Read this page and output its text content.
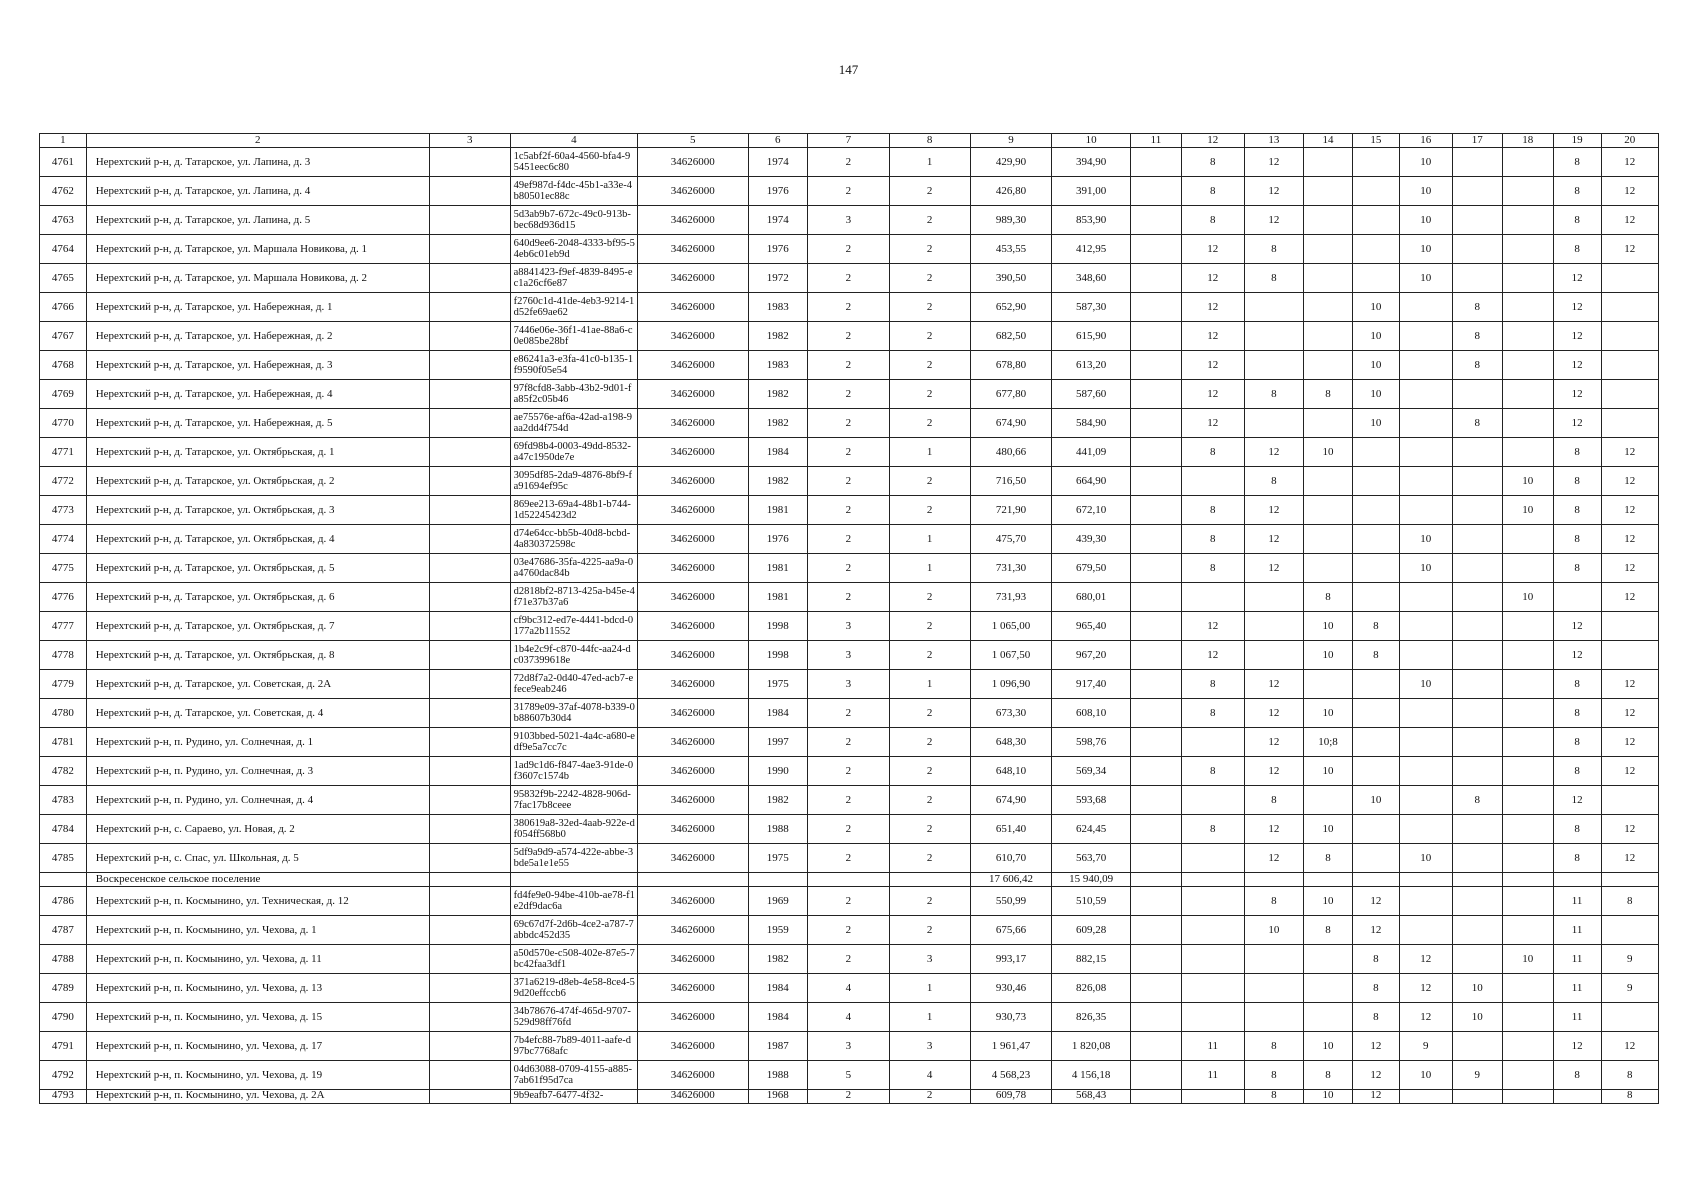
147
1	2	3	4	5	6	7	8	9	10	11	12	13	14	15	16	17	18	19	20
4761	Нерехтский р-н, д. Татарское, ул. Лапина, д. 3		1c5abf2f-60a4-4560-bfa4-95451eec6c80	34626000	1974	2	1	429,90	394,90		8	12			10			8	12
4762	Нерехтский р-н, д. Татарское, ул. Лапина, д. 4		49ef987d-f4dc-45b1-a33e-4b80501ec88c	34626000	1976	2	2	426,80	391,00		8	12			10			8	12
4763	Нерехтский р-н, д. Татарское, ул. Лапина, д. 5		5d3ab9b7-672c-49c0-913b-bec68d936d15	34626000	1974	3	2	989,30	853,90		8	12			10			8	12
4764	Нерехтский р-н, д. Татарское, ул. Маршала Новикова, д. 1		640d9ee6-2048-4333-bf95-54eb6c01eb9d	34626000	1976	2	2	453,55	412,95		12	8			10			8	12
4765	Нерехтский р-н, д. Татарское, ул. Маршала Новикова, д. 2		a8841423-f9ef-4839-8495-ec1a26cf6e87	34626000	1972	2	2	390,50	348,60		12	8			10			12	
4766	Нерехтский р-н, д. Татарское, ул. Набережная, д. 1		f2760c1d-41de-4eb3-9214-1d52fe69ae62	34626000	1983	2	2	652,90	587,30		12			10		8		12	
4767	Нерехтский р-н, д. Татарское, ул. Набережная, д. 2		7446e06e-36f1-41ae-88a6-c0e085be28bf	34626000	1982	2	2	682,50	615,90		12			10		8		12	
4768	Нерехтский р-н, д. Татарское, ул. Набережная, д. 3		e86241a3-e3fa-41c0-b135-1f9590f05e54	34626000	1983	2	2	678,80	613,20		12			10		8		12	
4769	Нерехтский р-н, д. Татарское, ул. Набережная, д. 4		97f8cfd8-3abb-43b2-9d01-fa85f2c05b46	34626000	1982	2	2	677,80	587,60		12	8	8	10				12	
4770	Нерехтский р-н, д. Татарское, ул. Набережная, д. 5		ae75576e-af6a-42ad-a198-9aa2dd4f754d	34626000	1982	2	2	674,90	584,90		12			10		8		12	
4771	Нерехтский р-н, д. Татарское, ул. Октябрьская, д. 1		69fd98b4-0003-49dd-8532-a47c1950de7e	34626000	1984	2	1	480,66	441,09		8	12	10					8	12
4772	Нерехтский р-н, д. Татарское, ул. Октябрьская, д. 2		3095df85-2da9-4876-8bf9-fa91694ef95c	34626000	1982	2	2	716,50	664,90			8					10	8	12
4773	Нерехтский р-н, д. Татарское, ул. Октябрьская, д. 3		869ee213-69a4-48b1-b744-1d52245423d2	34626000	1981	2	2	721,90	672,10		8	12					10	8	12
4774	Нерехтский р-н, д. Татарское, ул. Октябрьская, д. 4		d74e64cc-bb5b-40d8-bcbd-4a830372598c	34626000	1976	2	1	475,70	439,30		8	12			10			8	12
4775	Нерехтский р-н, д. Татарское, ул. Октябрьская, д. 5		03e47686-35fa-4225-aa9a-0a4760dac84b	34626000	1981	2	1	731,30	679,50		8	12			10			8	12
4776	Нерехтский р-н, д. Татарское, ул. Октябрьская, д. 6		d2818bf2-8713-425a-b45e-4f71e37b37a6	34626000	1981	2	2	731,93	680,01				8				10		12
4777	Нерехтский р-н, д. Татарское, ул. Октябрьская, д. 7		cf9bc312-ed7e-4441-bdcd-0177a2b11552	34626000	1998	3	2	1 065,00	965,40		12		10	8				12	
4778	Нерехтский р-н, д. Татарское, ул. Октябрьская, д. 8		1b4e2c9f-c870-44fc-aa24-dc037399618e	34626000	1998	3	2	1 067,50	967,20		12		10	8				12	
4779	Нерехтский р-н, д. Татарское, ул. Советская, д. 2А		72d8f7a2-0d40-47ed-acb7-efece9eab246	34626000	1975	3	1	1 096,90	917,40		8	12			10			8	12
4780	Нерехтский р-н, д. Татарское, ул. Советская, д. 4		31789e09-37af-4078-b339-0b88607b30d4	34626000	1984	2	2	673,30	608,10		8	12	10					8	12
4781	Нерехтский р-н, п. Рудино, ул. Солнечная, д. 1		9103bbed-5021-4a4c-a680-edf9e5a7cc7c	34626000	1997	2	2	648,30	598,76			12	10;8					8	12
4782	Нерехтский р-н, п. Рудино, ул. Солнечная, д. 3		1ad9c1d6-f847-4ae3-91de-0f3607c1574b	34626000	1990	2	2	648,10	569,34		8	12	10					8	12
4783	Нерехтский р-н, п. Рудино, ул. Солнечная, д. 4		95832f9b-2242-4828-906d-7fac17b8ceee	34626000	1982	2	2	674,90	593,68			8		10		8		12	
4784	Нерехтский р-н, с. Сараево, ул. Новая, д. 2		380619a8-32ed-4aab-922e-df054ff568b0	34626000	1988	2	2	651,40	624,45		8	12	10					8	12
4785	Нерехтский р-н, с. Спас, ул. Школьная, д. 5		5df9a9d9-a574-422e-abbe-3bde5a1e1e55	34626000	1975	2	2	610,70	563,70			12	8		10			8	12
	Воскресенское сельское поселение							17 606,42	15 940,09										
4786	Нерехтский р-н, п. Космынино, ул. Техническая, д. 12		fd4fe9e0-94be-410b-ae78-f1e2df9dac6a	34626000	1969	2	2	550,99	510,59			8	10	12				11	8
4787	Нерехтский р-н, п. Космынино, ул. Чехова, д. 1		69c67d7f-2d6b-4ce2-a787-7abbdc452d35	34626000	1959	2	2	675,66	609,28			10	8	12				11	
4788	Нерехтский р-н, п. Космынино, ул. Чехова, д. 11		a50d570e-c508-402e-87e5-7bc42faa3df1	34626000	1982	2	3	993,17	882,15					8	12		10	11	9
4789	Нерехтский р-н, п. Космынино, ул. Чехова, д. 13		371a6219-d8eb-4e58-8ce4-59d20effccb6	34626000	1984	4	1	930,46	826,08					8	12	10		11	9
4790	Нерехтский р-н, п. Космынино, ул. Чехова, д. 15		34b78676-474f-465d-9707-529d98ff76fd	34626000	1984	4	1	930,73	826,35					8	12	10		11	
4791	Нерехтский р-н, п. Космынино, ул. Чехова, д. 17		7b4efc88-7b89-4011-aafe-d97bc7768afc	34626000	1987	3	3	1 961,47	1 820,08		11	8	10	12	9			12	12
4792	Нерехтский р-н, п. Космынино, ул. Чехова, д. 19		04d63088-0709-4155-a885-7ab61f95d7ca	34626000	1988	5	4	4 568,23	4 156,18		11	8	8	12	10	9		8	8
4793	Нерехтский р-н, п. Космынино, ул. Чехова, д. 2А		9b9eafb7-6477-4f32-	34626000	1968	2	2	609,78	568,43			8	10	12					8
